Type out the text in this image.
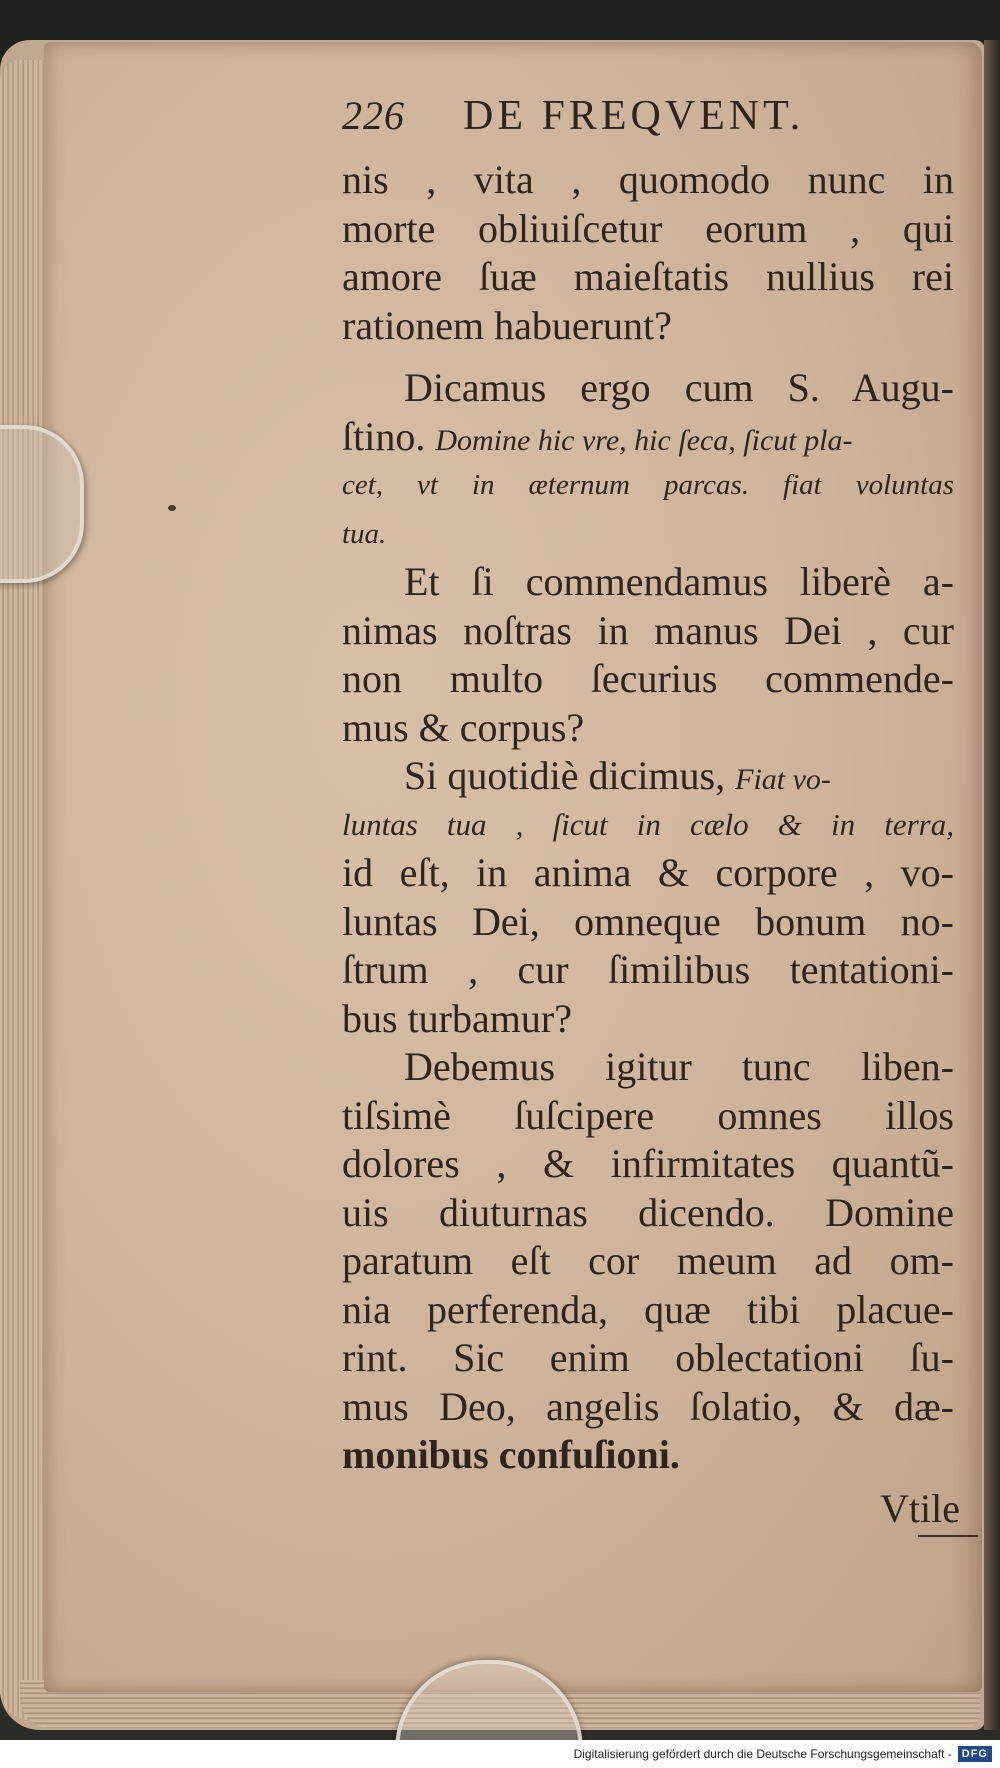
226 DE FREQVENT.
nis , vita , quomodo nunc in
morte obliuiſcetur eorum , qui
amore ſuæ maieſtatis nullius rei
rationem habuerunt?
Dicamus ergo cum S. Augu-
ſtino. Domine hic vre, hic ſeca, ſicut pla-
cet, vt in æternum parcas. fiat voluntas
tua.
Et ſi commendamus liberè a-
nimas noſtras in manus Dei , cur
non multo ſecurius commende-
mus & corpus?
Si quotidiè dicimus, Fiat vo-
luntas tua , ſicut in cælo & in terra,
id eſt, in anima & corpore , vo-
luntas Dei, omneque bonum no-
ſtrum , cur ſimilibus tentationi-
bus turbamur?
Debemus igitur tunc liben-
tiſsimè ſuſcipere omnes illos
dolores , & infirmitates quantũ-
uis diuturnas dicendo. Domine
paratum eſt cor meum ad om-
nia perferenda, quæ tibi placue-
rint. Sic enim oblectationi ſu-
mus Deo, angelis ſolatio, & dæ-
monibus confuſioni.
Vtile
Digitalisierung gefördert durch die Deutsche Forschungsgemeinschaft - DFG
